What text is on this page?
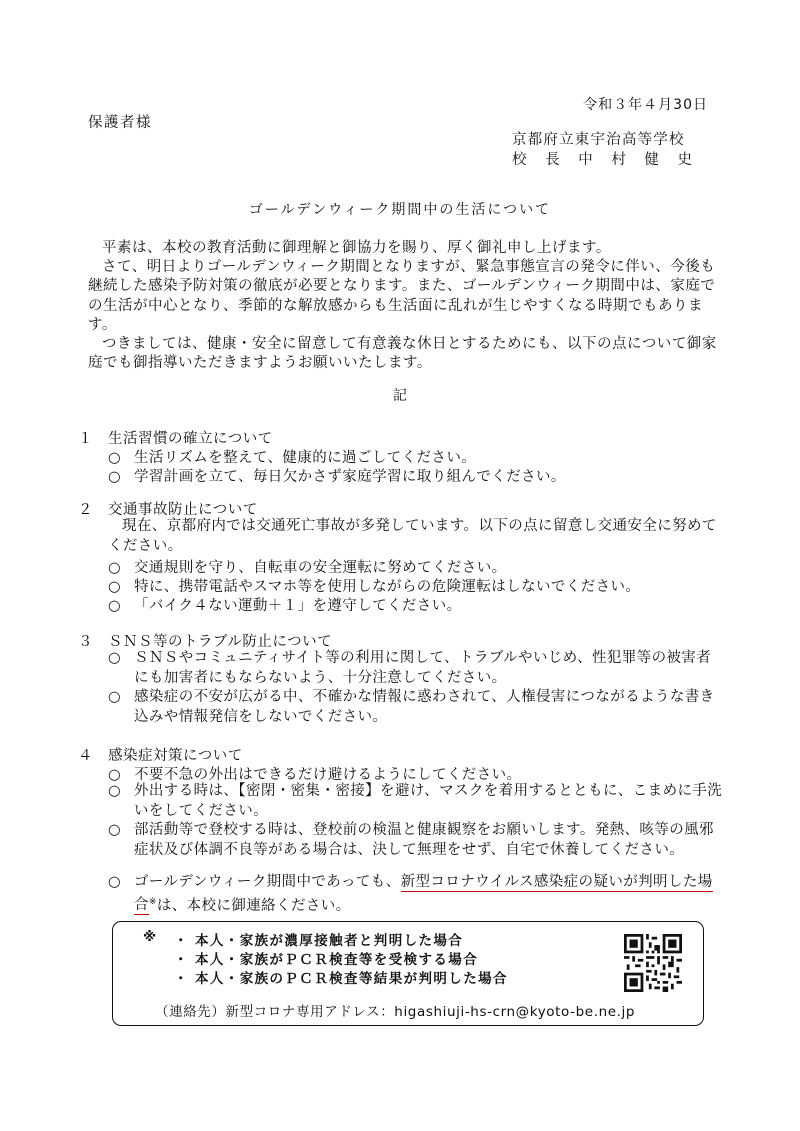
令和３年４月30日
保護者様
京都府立東宇治高等学校
校 長 中 村 健 史
ゴールデンウィーク期間中の生活について

平素は、本校の教育活動に御理解と御協力を賜り、厚く御礼申し上げます。

さて、明日よりゴールデンウィーク期間となりますが、緊急事態宣言の発令に伴い、今後も継続した感染予防対策の徹底が必要となります。また、ゴールデンウィーク期間中は、家庭での生活が中心となり、季節的な解放感からも生活面に乱れが生じやすくなる時期でもあります。

つきましては、健康・安全に留意して有意義な休日とするためにも、以下の点について御家庭でも御指導いただきますようお願いいたします。

記
１ 生活習慣の確立について
○ 生活リズムを整えて、健康的に過ごしてください。
○ 学習計画を立て、毎日欠かさず家庭学習に取り組んでください。
２ 交通事故防止について
現在、京都府内では交通死亡事故が多発しています。以下の点に留意し交通安全に努めてください。
○ 交通規則を守り、自転車の安全運転に努めてください。
○ 特に、携帯電話やスマホ等を使用しながらの危険運転はしないでください。
○ 「バイク４ない運動＋１」を遵守してください。
３ ＳＮＳ等のトラブル防止について
○ ＳＮＳやコミュニティサイト等の利用に関して、トラブルやいじめ、性犯罪等の被害者にも加害者にもならないよう、十分注意してください。
○ 感染症の不安が広がる中、不確かな情報に惑わされて、人権侵害につながるような書き込みや情報発信をしないでください。
４ 感染症対策について
○ 不要不急の外出はできるだけ避けるようにしてください。
○ 外出する時は、【密閉・密集・密接】を避け、マスクを着用するとともに、こまめに手洗いをしてください。
○ 部活動等で登校する時は、登校前の検温と健康観察をお願いします。発熱、咳等の風邪症状及び体調不良等がある場合は、決して無理をせず、自宅で休養してください。
○ ゴールデンウィーク期間中であっても、新型コロナウイルス感染症の疑いが判明した場合※は、本校に御連絡ください。
※ ・ 本人・家族が濃厚接触者と判明した場合
・ 本人・家族がＰＣＲ検査等を受検する場合
・ 本人・家族のＰＣＲ検査等結果が判明した場合
（連絡先）新型コロナ専用アドレス：higashiuji-hs-crn@kyoto-be.ne.jp
